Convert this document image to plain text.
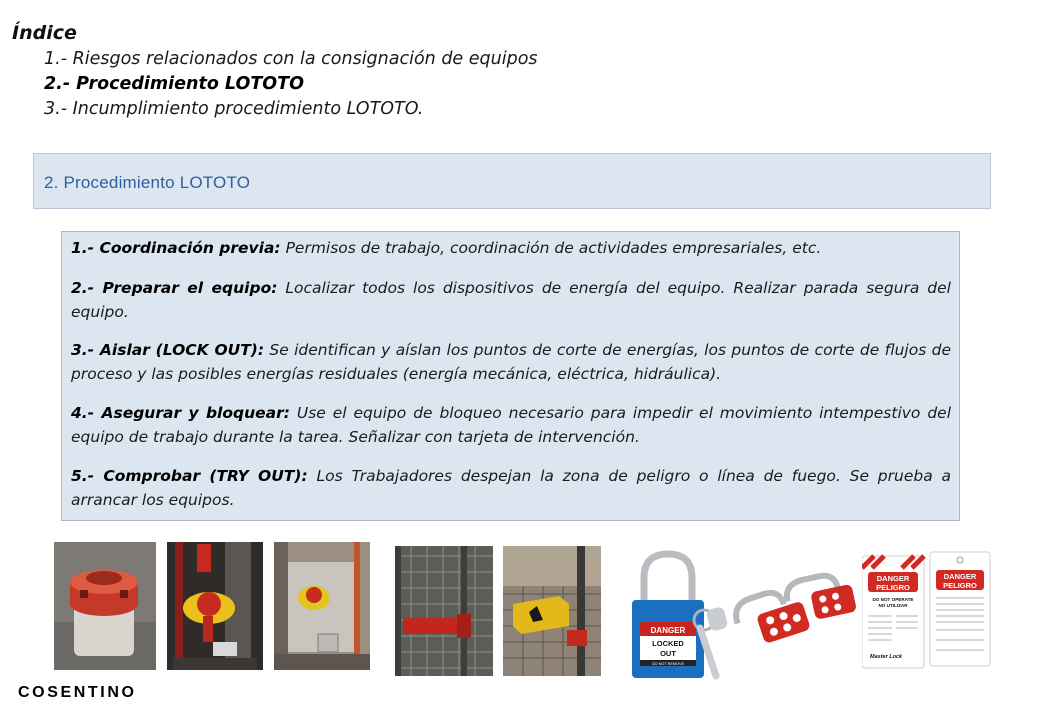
Índice
1.- Riesgos relacionados con la consignación de equipos
2.- Procedimiento LOTOTO
3.- Incumplimiento procedimiento LOTOTO.
2. Procedimiento LOTOTO
1.- Coordinación previa: Permisos de trabajo, coordinación de actividades empresariales, etc.
2.- Preparar el equipo: Localizar todos los dispositivos de energía del equipo. Realizar parada segura del equipo.
3.- Aislar (LOCK OUT): Se identifican y aíslan los puntos de corte de energías, los puntos de corte de flujos de proceso y las posibles energías residuales (energía mecánica, eléctrica, hidráulica).
4.- Asegurar y bloquear: Use el equipo de bloqueo necesario para impedir el movimiento intempestivo del equipo de trabajo durante la tarea. Señalizar con tarjeta de intervención.
5.- Comprobar (TRY OUT): Los Trabajadores despejan la zona de peligro o línea de fuego. Se prueba a arrancar los equipos.
DANGER
LOCKED
OUT
DO NOT REMOVE
DANGER
PELIGRO
DO NOT OPERATE
NO UTILIZAR
Master Lock
DANGER
PELIGRO
COSENTINO
